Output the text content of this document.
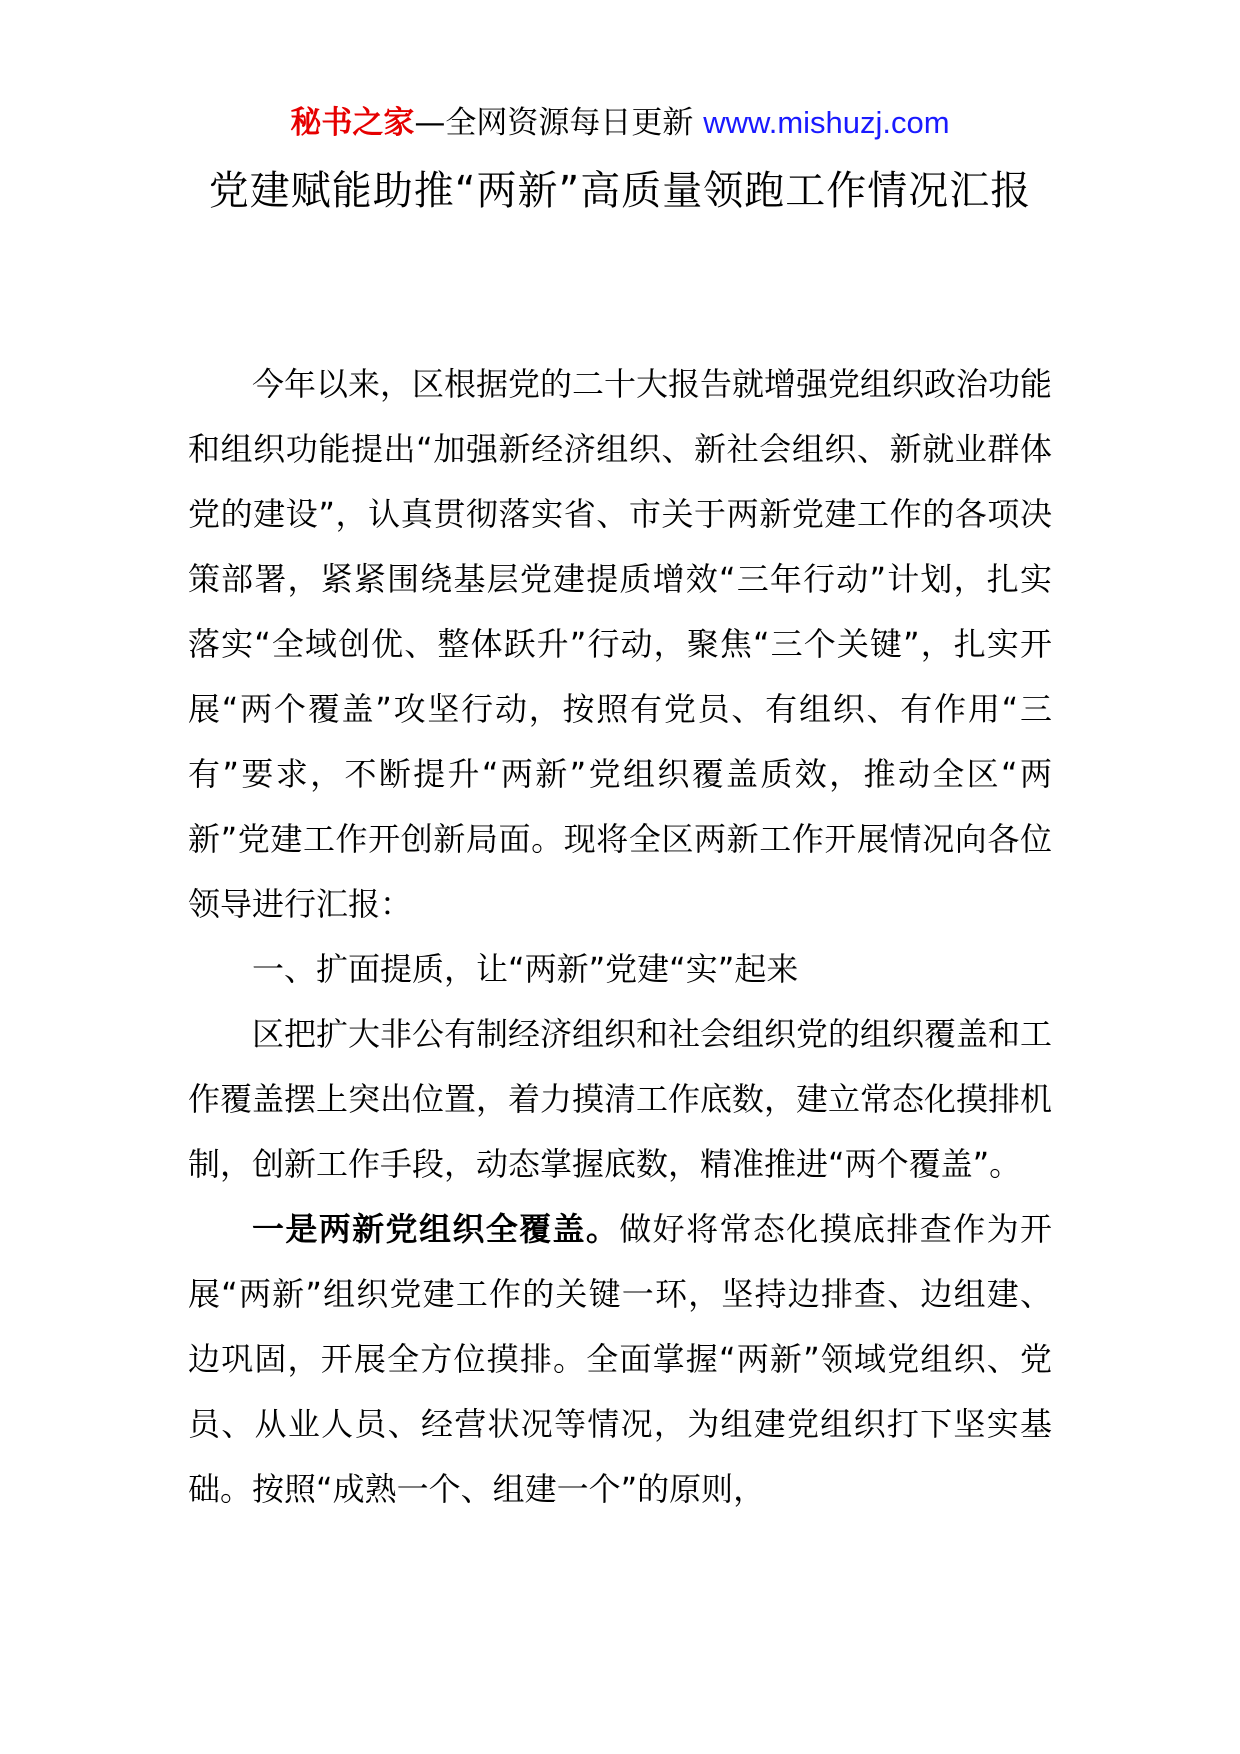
秘书之家—全网资源每日更新 www.mishuzj.com
党建赋能助推“两新”高质量领跑工作情况汇报

今年以来，区根据党的二十大报告就增强党组织政治功能和组织功能提出“加强新经济组织、新社会组织、新就业群体党的建设”，认真贯彻落实省、市关于两新党建工作的各项决策部署，紧紧围绕基层党建提质增效“三年行动”计划，扎实落实“全域创优、整体跃升”行动，聚焦“三个关键”，扎实开展“两个覆盖”攻坚行动，按照有党员、有组织、有作用“三有”要求，不断提升“两新”党组织覆盖质效，推动全区“两新”党建工作开创新局面。现将全区两新工作开展情况向各位领导进行汇报：

一、扩面提质，让“两新”党建“实”起来

区把扩大非公有制经济组织和社会组织党的组织覆盖和工作覆盖摆上突出位置，着力摸清工作底数，建立常态化摸排机制，创新工作手段，动态掌握底数，精准推进“两个覆盖”。

一是两新党组织全覆盖。做好将常态化摸底排查作为开展“两新”组织党建工作的关键一环，坚持边排查、边组建、边巩固，开展全方位摸排。全面掌握“两新”领域党组织、党员、从业人员、经营状况等情况，为组建党组织打下坚实基础。按照“成熟一个、组建一个”的原则，
